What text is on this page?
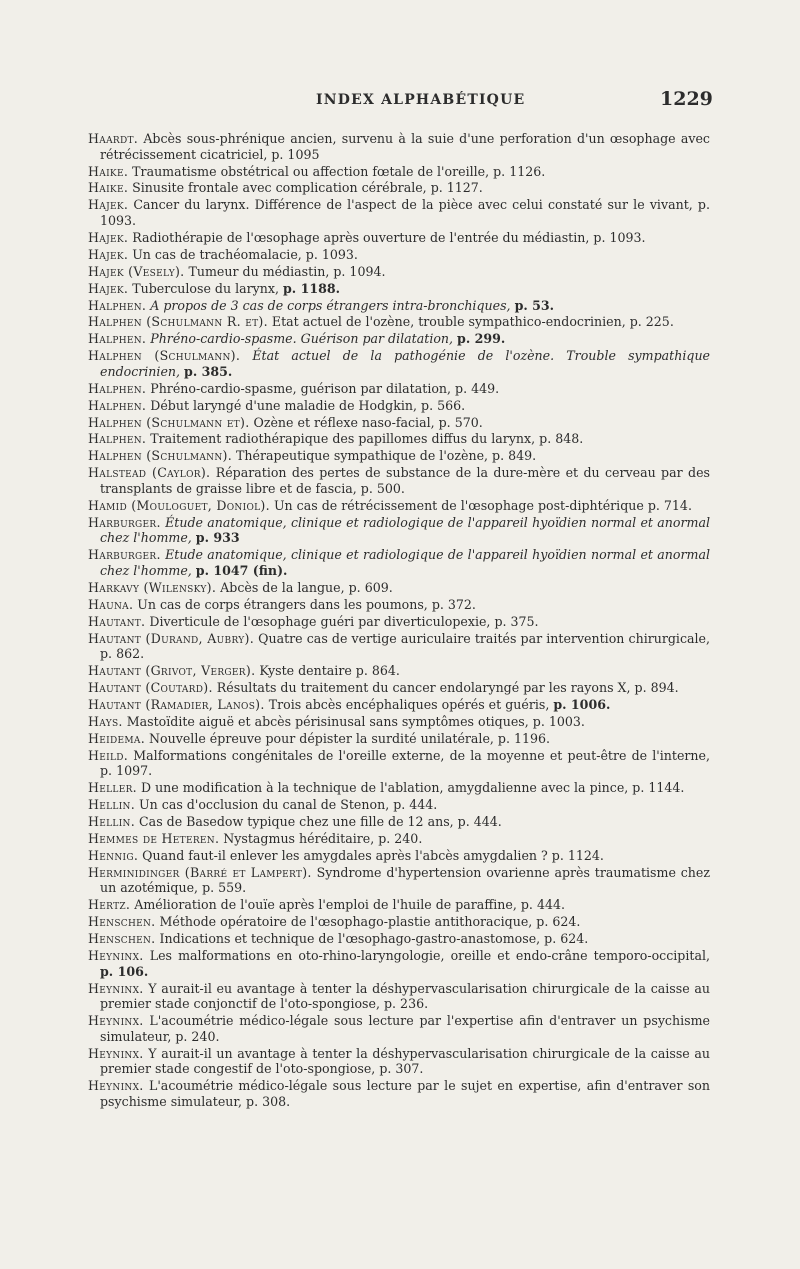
INDEX ALPHABÉTIQUE	1229

Haardt. Abcès sous-phrénique ancien, survenu à la suie d'une perforation d'un œsophage avec rétrécissement cicatriciel, p. 1095

Haike. Traumatisme obstétrical ou affection fœtale de l'oreille, p. 1126.

Haike. Sinusite frontale avec complication cérébrale, p. 1127.

Hajek. Cancer du larynx. Différence de l'aspect de la pièce avec celui constaté sur le vivant, p. 1093.

Hajek. Radiothérapie de l'œsophage après ouverture de l'entrée du médiastin, p. 1093.

Hajek. Un cas de trachéomalacie, p. 1093.

Hajek (Vesely). Tumeur du médiastin, p. 1094.

Hajek. Tuberculose du larynx, p. 1188.

Halphen. A propos de 3 cas de corps étrangers intra-bronchiques, p. 53.

Halphen (Schulmann R. et). Etat actuel de l'ozène, trouble sympathico-endocrinien, p. 225.

Halphen. Phréno-cardio-spasme. Guérison par dilatation, p. 299.

Halphen (Schulmann). État actuel de la pathogénie de l'ozène. Trouble sympathique endocrinien, p. 385.

Halphen. Phréno-cardio-spasme, guérison par dilatation, p. 449.

Halphen. Début laryngé d'une maladie de Hodgkin, p. 566.

Halphen (Schulmann et). Ozène et réflexe naso-facial, p. 570.

Halphen. Traitement radiothérapique des papillomes diffus du larynx, p. 848.

Halphen (Schulmann). Thérapeutique sympathique de l'ozène, p. 849.

Halstead (Caylor). Réparation des pertes de substance de la dure-mère et du cerveau par des transplants de graisse libre et de fascia, p. 500.

Hamid (Mouloguet, Doniol). Un cas de rétrécissement de l'œsophage post-diphtérique p. 714.

Harburger. Étude anatomique, clinique et radiologique de l'appareil hyoïdien normal et anormal chez l'homme, p. 933

Harburger. Etude anatomique, clinique et radiologique de l'appareil hyoïdien normal et anormal chez l'homme, p. 1047 (fin).

Harkavy (Wilensky). Abcès de la langue, p. 609.

Hauna. Un cas de corps étrangers dans les poumons, p. 372.

Hautant. Diverticule de l'œsophage guéri par diverticulopexie, p. 375.

Hautant (Durand, Aubry). Quatre cas de vertige auriculaire traités par intervention chirurgicale, p. 862.

Hautant (Grivot, Verger). Kyste dentaire p. 864.

Hautant (Coutard). Résultats du traitement du cancer endolaryngé par les rayons X, p. 894.

Hautant (Ramadier, Lanos). Trois abcès encéphaliques opérés et guéris, p. 1006.

Hays. Mastoïdite aiguë et abcès périsinusal sans symptômes otiques, p. 1003.

Heidema. Nouvelle épreuve pour dépister la surdité unilatérale, p. 1196.

Heild. Malformations congénitales de l'oreille externe, de la moyenne et peut-être de l'interne, p. 1097.

Heller. D une modification à la technique de l'ablation, amygdalienne avec la pince, p. 1144.

Hellin. Un cas d'occlusion du canal de Stenon, p. 444.

Hellin. Cas de Basedow typique chez une fille de 12 ans, p. 444.

Hemmes de Heteren. Nystagmus héréditaire, p. 240.

Hennig. Quand faut-il enlever les amygdales après l'abcès amygdalien ? p. 1124.

Herminidinger (Barré et Lampert). Syndrome d'hypertension ovarienne après traumatisme chez un azotémique, p. 559.

Hertz. Amélioration de l'ouïe après l'emploi de l'huile de paraffine, p. 444.

Henschen. Méthode opératoire de l'œsophago-plastie antithoracique, p. 624.

Henschen. Indications et technique de l'œsophago-gastro-anastomose, p. 624.

Heyninx. Les malformations en oto-rhino-laryngologie, oreille et endo-crâne temporo-occipital, p. 106.

Heyninx. Y aurait-il eu avantage à tenter la déshypervascularisation chirurgicale de la caisse au premier stade conjonctif de l'oto-spongiose, p. 236.

Heyninx. L'acoumétrie médico-légale sous lecture par l'expertise afin d'entraver un psychisme simulateur, p. 240.

Heyninx. Y aurait-il un avantage à tenter la déshypervascularisation chirurgicale de la caisse au premier stade congestif de l'oto-spongiose, p. 307.

Heyninx. L'acoumétrie médico-légale sous lecture par le sujet en expertise, afin d'entraver son psychisme simulateur, p. 308.
